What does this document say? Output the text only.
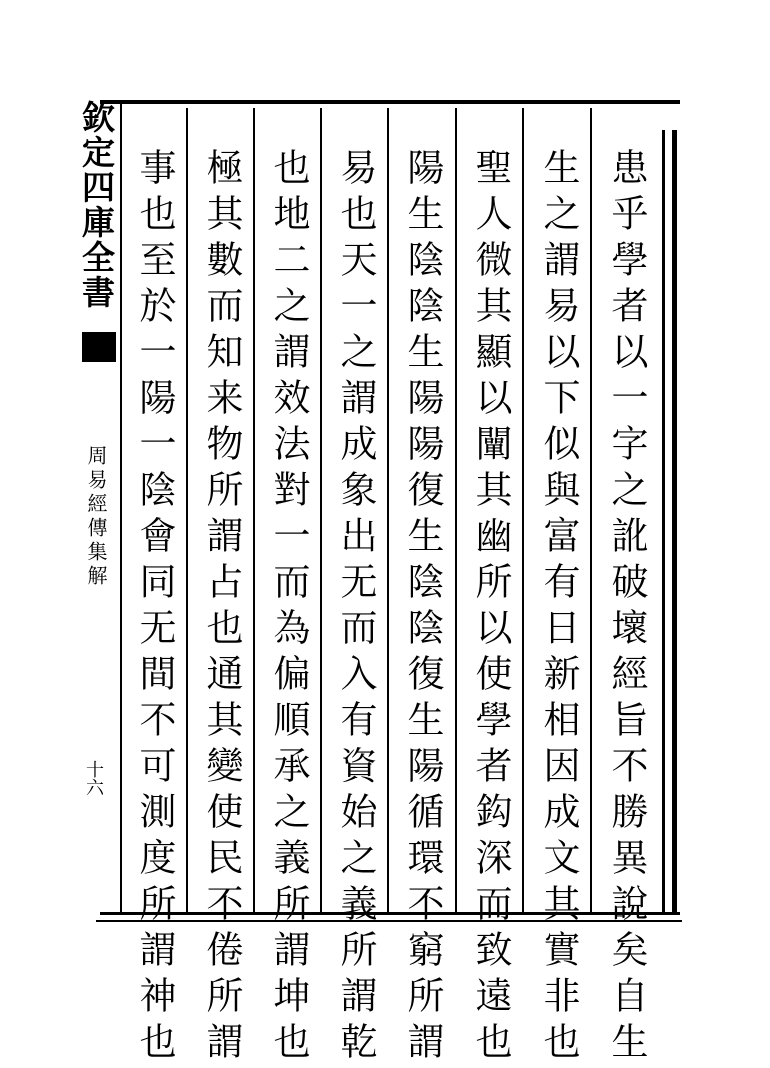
欽定四庫全書
周易經傳集解
十六	患乎學者以一字之訛破壞經旨不勝異說矣自生
生之謂易以下似與富有日新相因成文其實非也
聖人微其顯以闡其幽所以使學者鈎深而致遠也
陽生陰陰生陽陽復生陰陰復生陽循環不窮所謂
易也天一之謂成象出无而入有資始之義所謂乾
也地二之謂效法對一而為偏順承之義所謂坤也
極其數而知来物所謂占也通其變使民不倦所謂
事也至於一陽一陰會同无間不可測度所謂神也
